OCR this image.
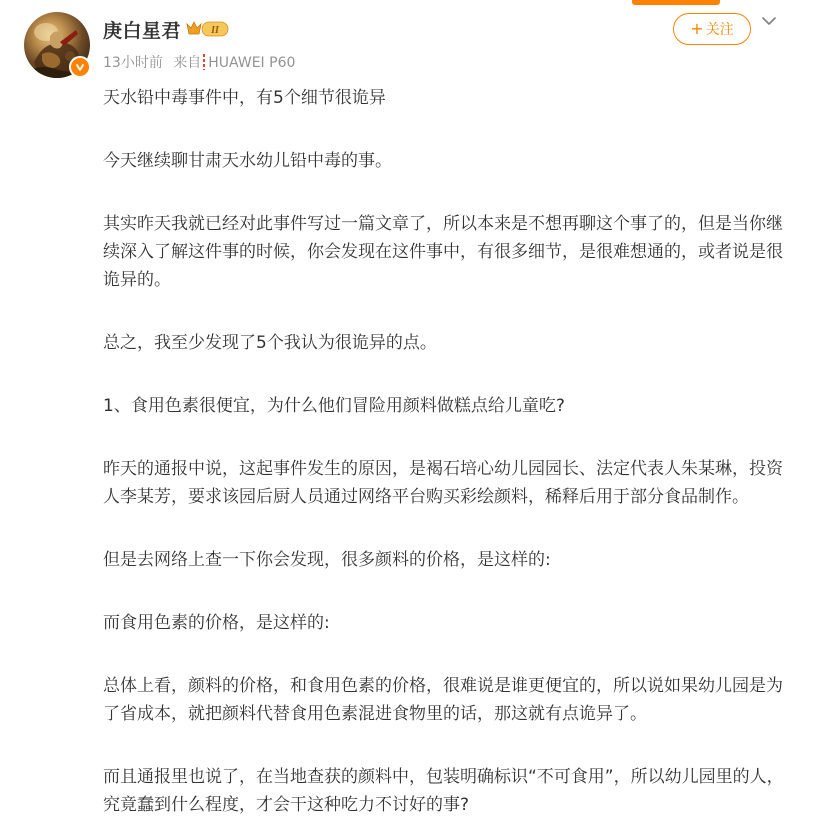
庚白星君	II
13小时前 来自 HUAWEI P60
+ 关注

天水铅中毒事件中，有5个细节很诡异

今天继续聊甘肃天水幼儿铅中毒的事。

其实昨天我就已经对此事件写过一篇文章了，所以本来是不想再聊这个事了的，但是当你继续深入了解这件事的时候，你会发现在这件事中，有很多细节，是很难想通的，或者说是很诡异的。

总之，我至少发现了5个我认为很诡异的点。

1、食用色素很便宜，为什么他们冒险用颜料做糕点给儿童吃?

昨天的通报中说，这起事件发生的原因，是褐石培心幼儿园园长、法定代表人朱某琳，投资人李某芳，要求该园后厨人员通过网络平台购买彩绘颜料，稀释后用于部分食品制作。

但是去网络上查一下你会发现，很多颜料的价格，是这样的:

而食用色素的价格，是这样的:

总体上看，颜料的价格，和食用色素的价格，很难说是谁更便宜的，所以说如果幼儿园是为了省成本，就把颜料代替食用色素混进食物里的话，那这就有点诡异了。

而且通报里也说了，在当地查获的颜料中，包装明确标识“不可食用”，所以幼儿园里的人，究竟蠢到什么程度，才会干这种吃力不讨好的事?
